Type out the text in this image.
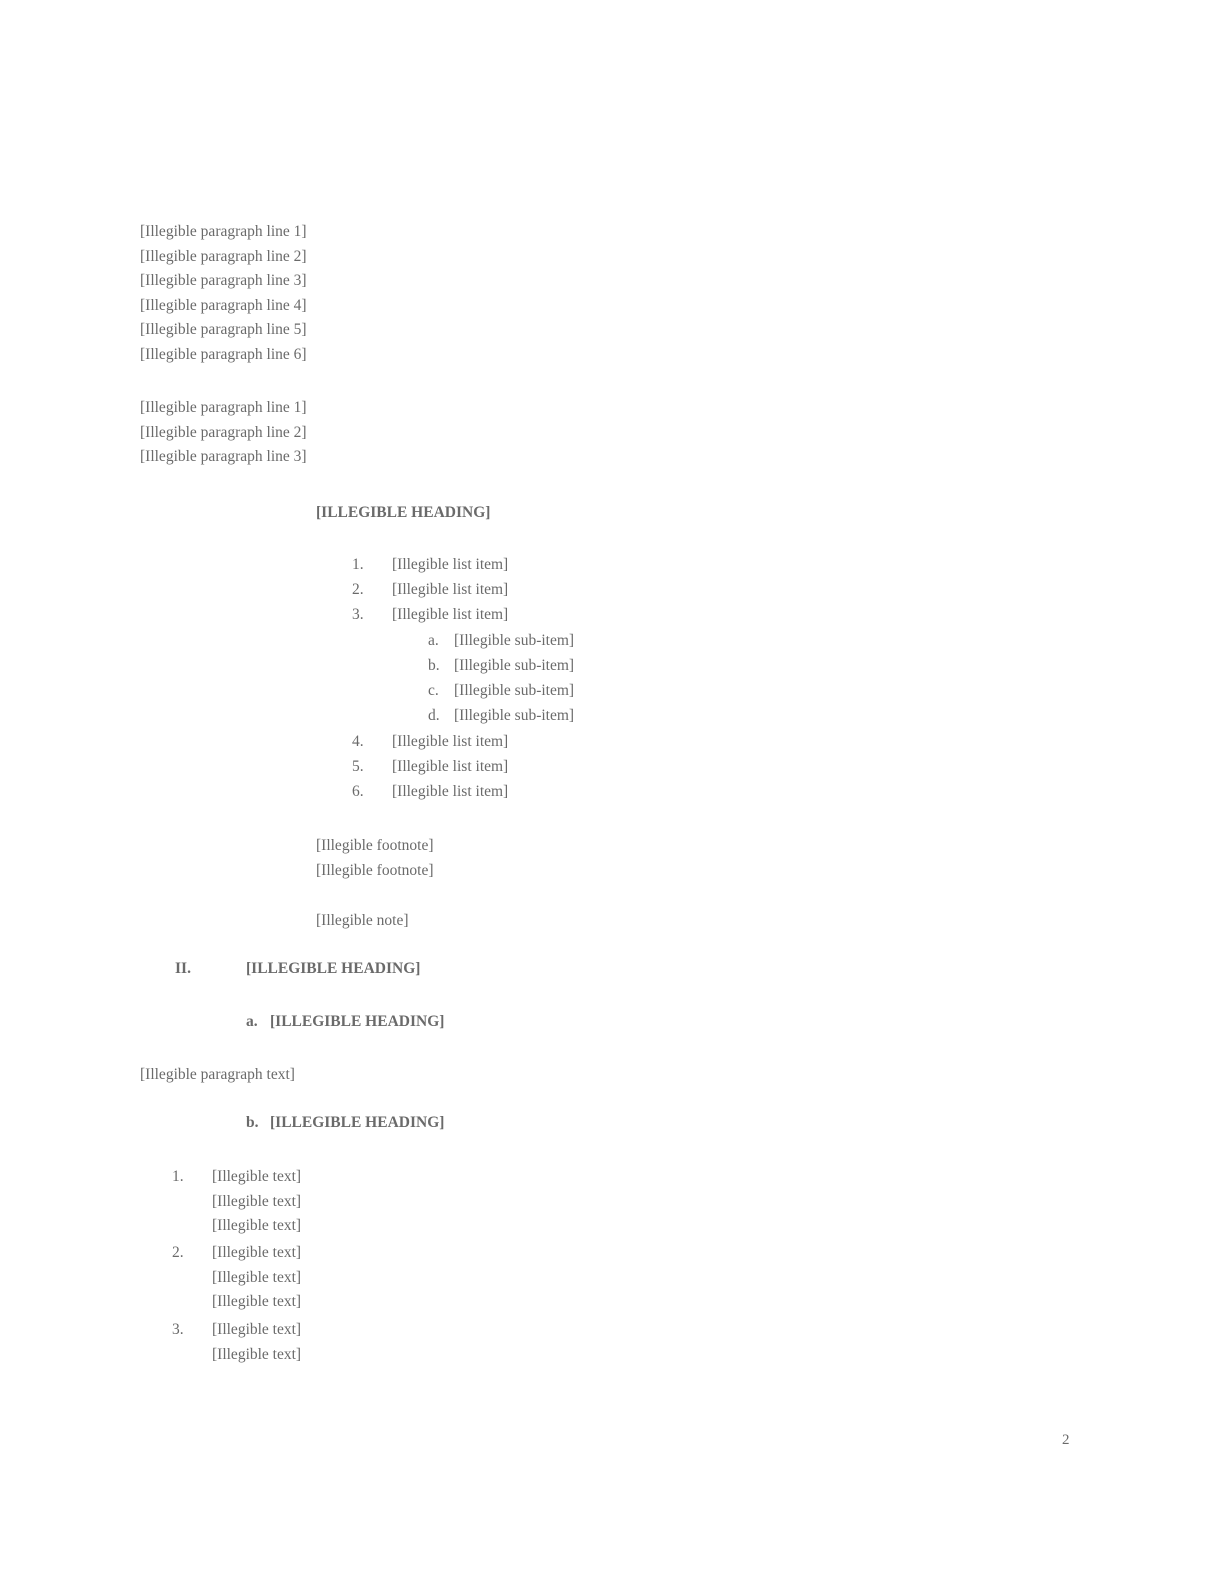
[Illegible paragraph line 1]
[Illegible paragraph line 2]
[Illegible paragraph line 3]
[Illegible paragraph line 4]
[Illegible paragraph line 5]
[Illegible paragraph line 6]
[Illegible paragraph line 1]
[Illegible paragraph line 2]
[Illegible paragraph line 3]

[ILLEGIBLE HEADING]

1. [Illegible list item]

2. [Illegible list item]

3. [Illegible list item]

a. [Illegible sub-item]

b. [Illegible sub-item]

c. [Illegible sub-item]

d. [Illegible sub-item]

4. [Illegible list item]

5. [Illegible list item]

6. [Illegible list item]

[Illegible footnote]

[Illegible footnote]

[Illegible note]

II.	[ILLEGIBLE HEADING]

a. [ILLEGIBLE HEADING]

[Illegible paragraph text]

b. [ILLEGIBLE HEADING]

1.	[Illegible text]
[Illegible text]
[Illegible text]
2.	[Illegible text]
[Illegible text]
[Illegible text]
3.	[Illegible text]
[Illegible text]
2
